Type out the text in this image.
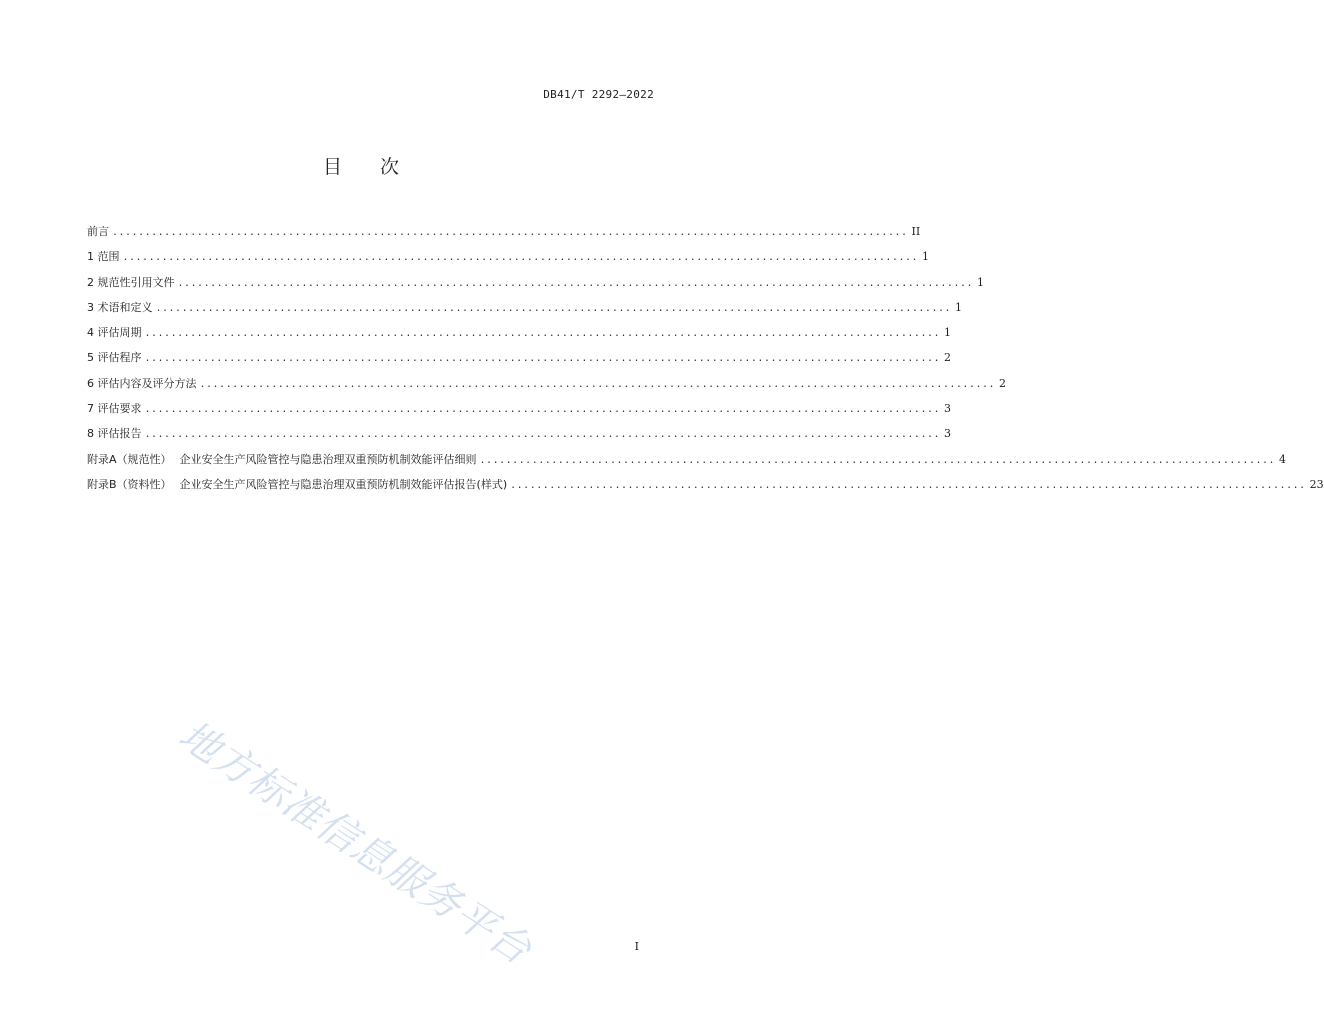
DB41/T 2292—2022
目 次
前言 .......................................................................................................................... II
1 范围 .......................................................................................................................... 1
2 规范性引用文件 .......................................................................................................................... 1
3 术语和定义 .......................................................................................................................... 1
4 评估周期 .......................................................................................................................... 1
5 评估程序 .......................................................................................................................... 2
6 评估内容及评分方法 .......................................................................................................................... 2
7 评估要求 .......................................................................................................................... 3
8 评估报告 .......................................................................................................................... 3
附录A（规范性） 企业安全生产风险管控与隐患治理双重预防机制效能评估细则 .......................................................................................................................... 4
附录B（资料性） 企业安全生产风险管控与隐患治理双重预防机制效能评估报告(样式) .......................................................................................................................... 23
地方标准信息服务平台	I
